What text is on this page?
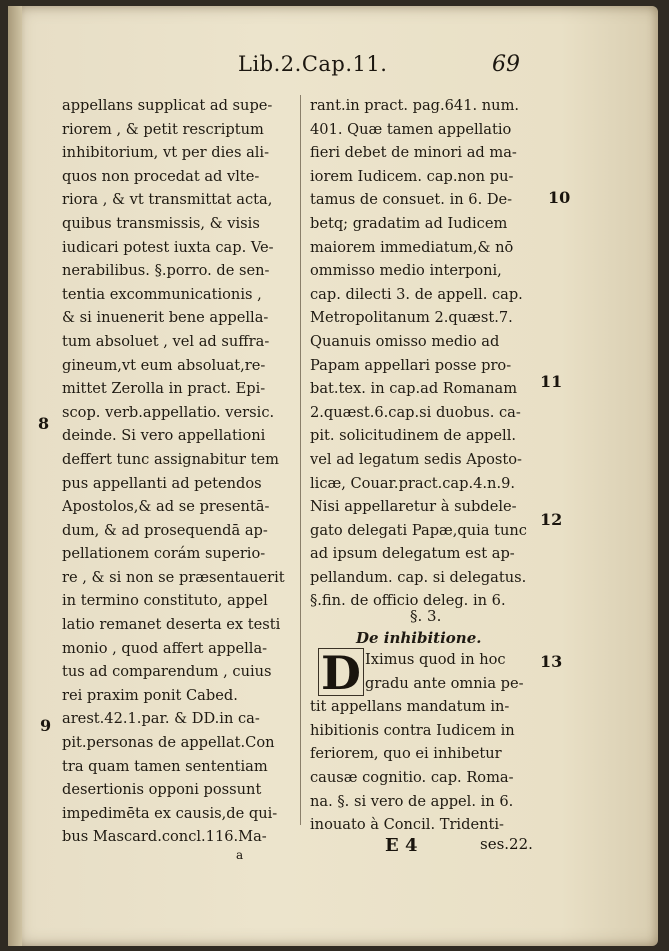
Lib.2.Cap.11.	69
appellans supplicat ad supe-
riorem , & petit rescriptum
inhibitorium, vt per dies ali-
quos non procedat ad vlte-
riora , & vt transmittat acta,
quibus transmissis, & visis
iudicari potest iuxta cap. Ve-
nerabilibus. §.porro. de sen-
tentia excommunicationis ,
& si inuenerit bene appella-
tum absoluet , vel ad suffra-
gineum,vt eum absoluat,re-
mittet Zerolla in pract. Epi-
scop. verb.appellatio. versic.
deinde. Si vero appellationi
deffert tunc assignabitur tem
pus appellanti ad petendos
Apostolos,& ad se presentā-
dum, & ad prosequendā ap-
pellationem corám superio-
re , & si non se præsentauerit
in termino constituto, appel
latio remanet deserta ex testi
monio , quod affert appella-
tus ad comparendum , cuius
rei praxim ponit Cabed.
arest.42.1.par. & DD.in ca-
pit.personas de appellat.Con
tra quam tamen sententiam
desertionis opponi possunt
impedimēta ex causis,de qui-
bus Mascard.concl.116.Ma-
rant.in pract. pag.641. num.
401. Quæ tamen appellatio
fieri debet de minori ad ma-
iorem Iudicem. cap.non pu-
tamus de consuet. in 6. De-
betq; gradatim ad Iudicem
maiorem immediatum,& nō
ommisso medio interponi,
cap. dilecti 3. de appell. cap.
Metropolitanum 2.quæst.7.
Quanuis omisso medio ad
Papam appellari posse pro-
bat.tex. in cap.ad Romanam
2.quæst.6.cap.si duobus. ca-
pit. solicitudinem de appell.
vel ad legatum sedis Aposto-
licæ, Couar.pract.cap.4.n.9.
Nisi appellaretur à subdele-
gato delegati Papæ,quia tunc
ad ipsum delegatum est ap-
pellandum. cap. si delegatus.
§.fin. de officio deleg. in 6.
8
9
10
11
12
13
§. 3.
De inhibitione.
D Iximus quod in hoc
gradu ante omnia pe-
tit appellans mandatum in-
hibitionis contra Iudicem in
feriorem, quo ei inhibetur
causæ cognitio. cap. Roma-
na. §. si vero de appel. in 6.
inouato à Concil. Tridenti-
E 4	ses.22.
a
